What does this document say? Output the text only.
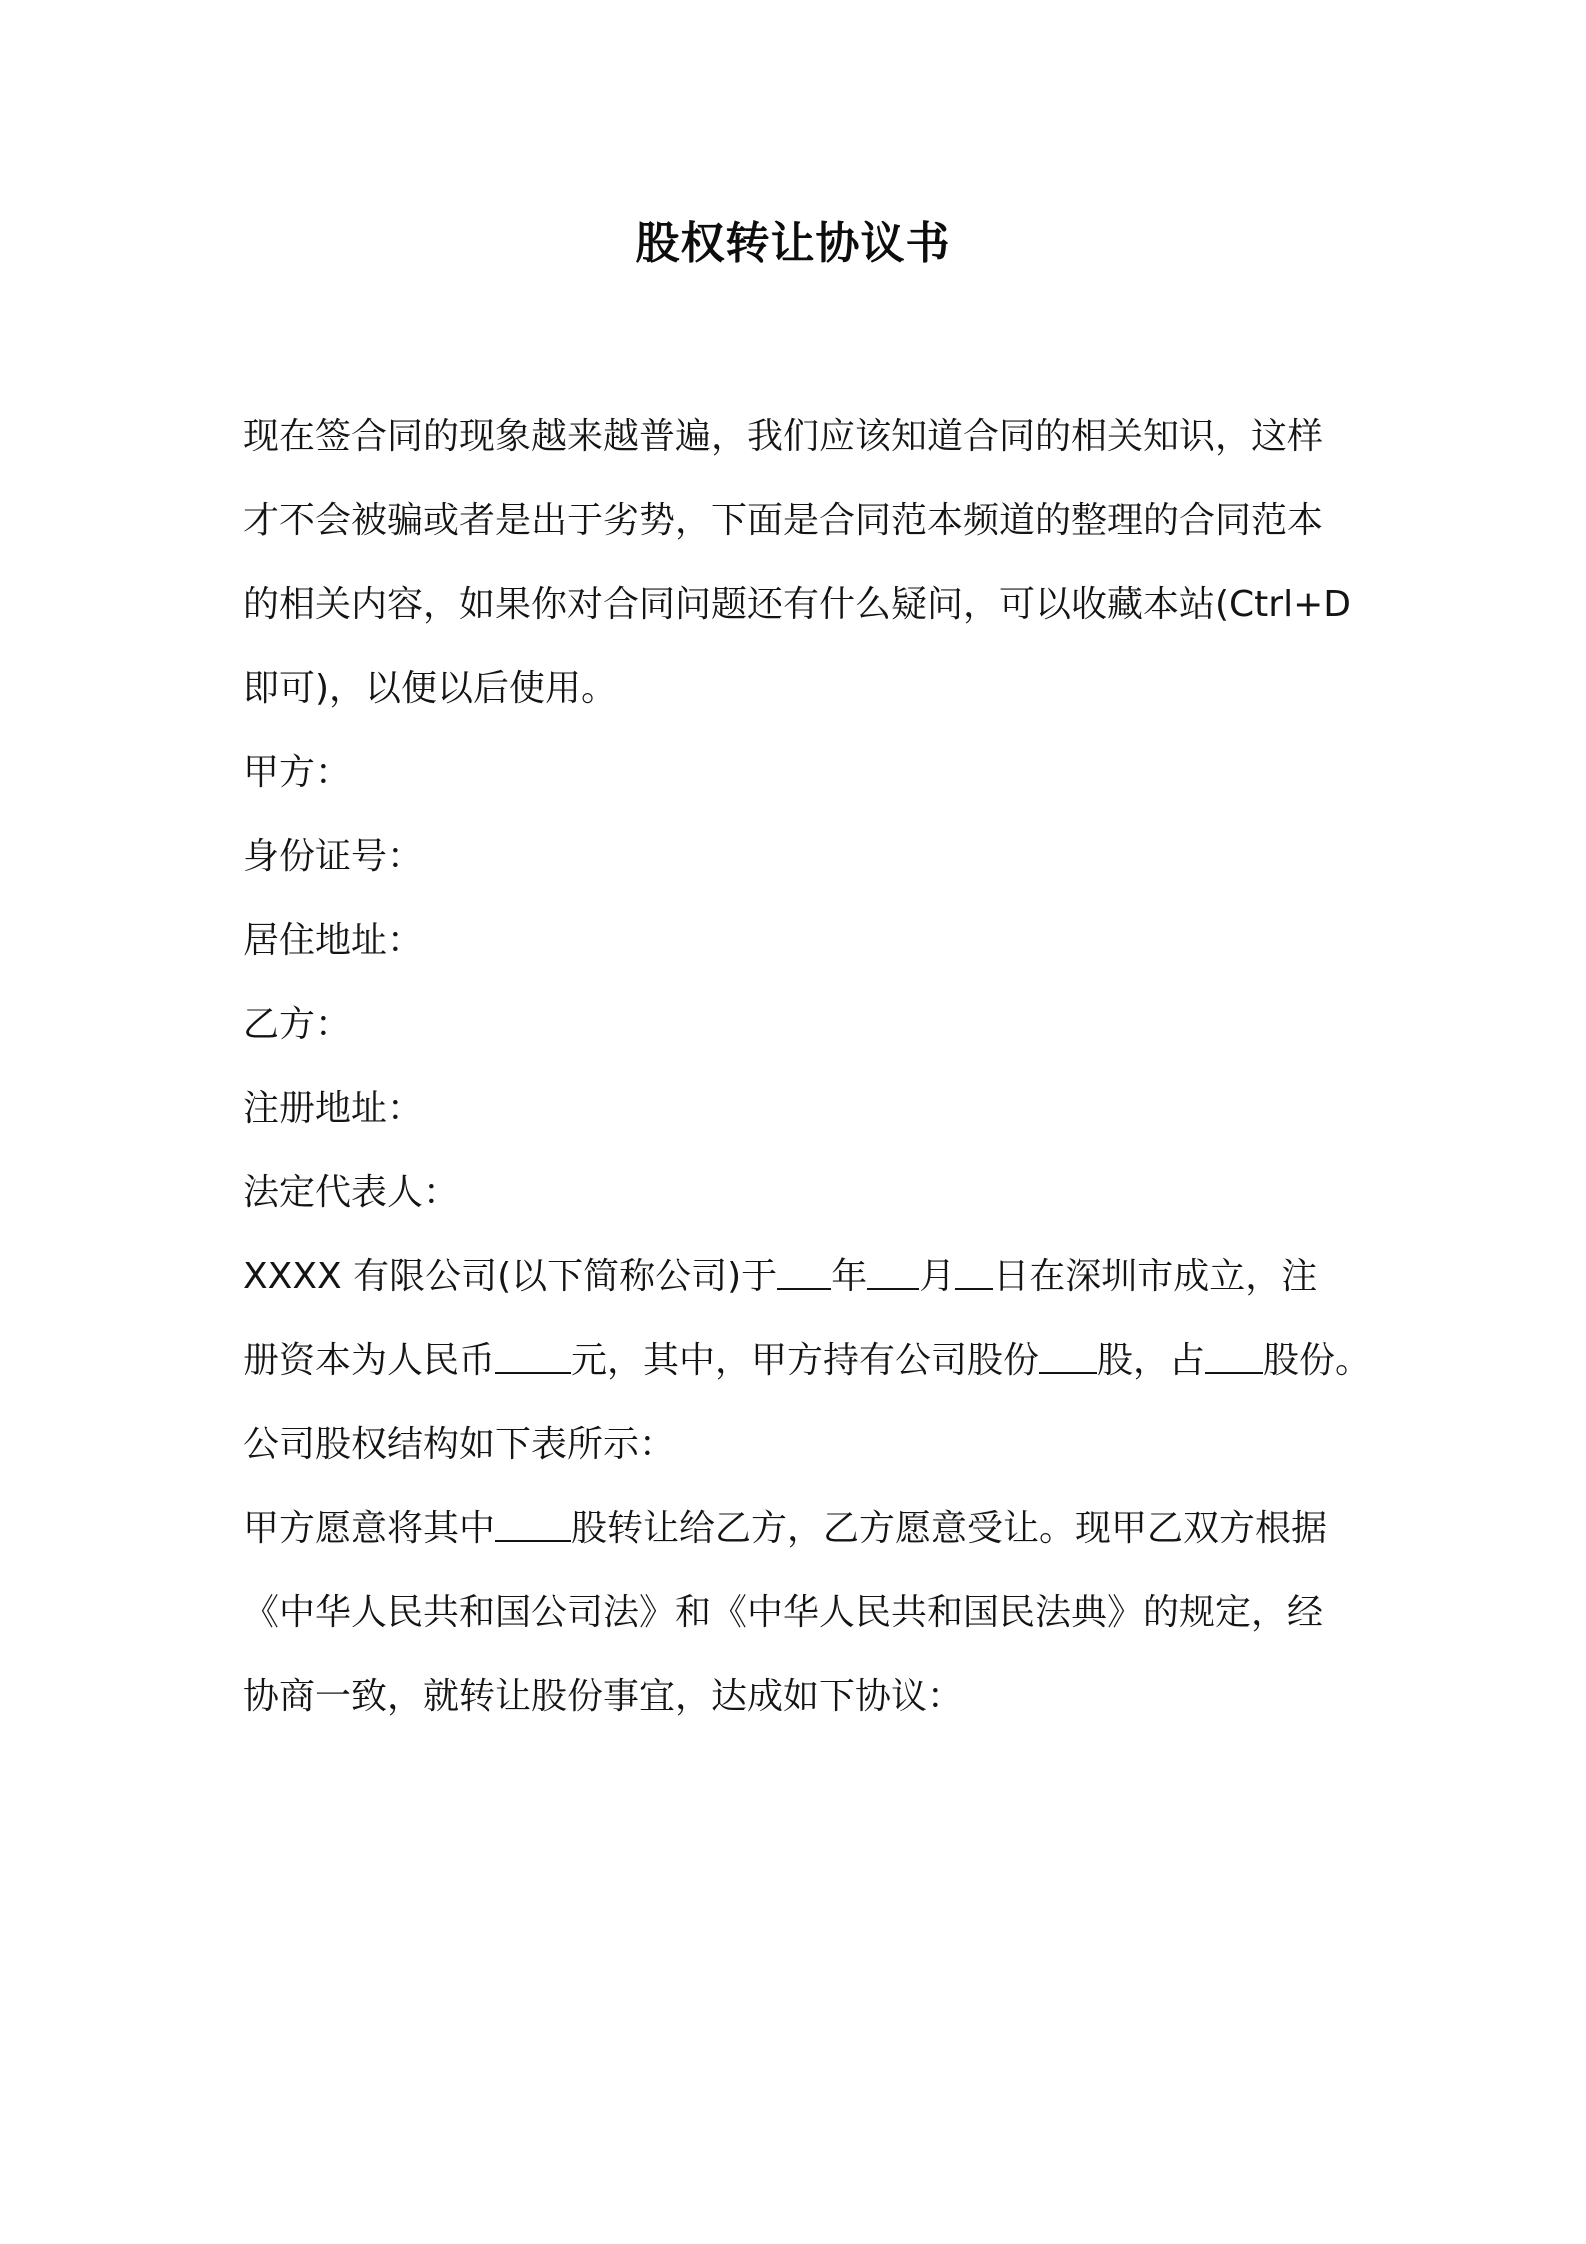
股权转让协议书
现在签合同的现象越来越普遍，我们应该知道合同的相关知识，这样
才不会被骗或者是出于劣势，下面是合同范本频道的整理的合同范本
的相关内容，如果你对合同问题还有什么疑问，可以收藏本站(Ctrl+D
即可)，以便以后使用。
甲方：
身份证号：
居住地址：
乙方：
注册地址：
法定代表人：
XXXX 有限公司(以下简称公司)于 年 月 日在深圳市成立，注
册资本为人民币 元，其中，甲方持有公司股份 股，占 股份。
公司股权结构如下表所示：
甲方愿意将其中 股转让给乙方，乙方愿意受让。现甲乙双方根据
《中华人民共和国公司法》和《中华人民共和国民法典》的规定，经
协商一致，就转让股份事宜，达成如下协议：
